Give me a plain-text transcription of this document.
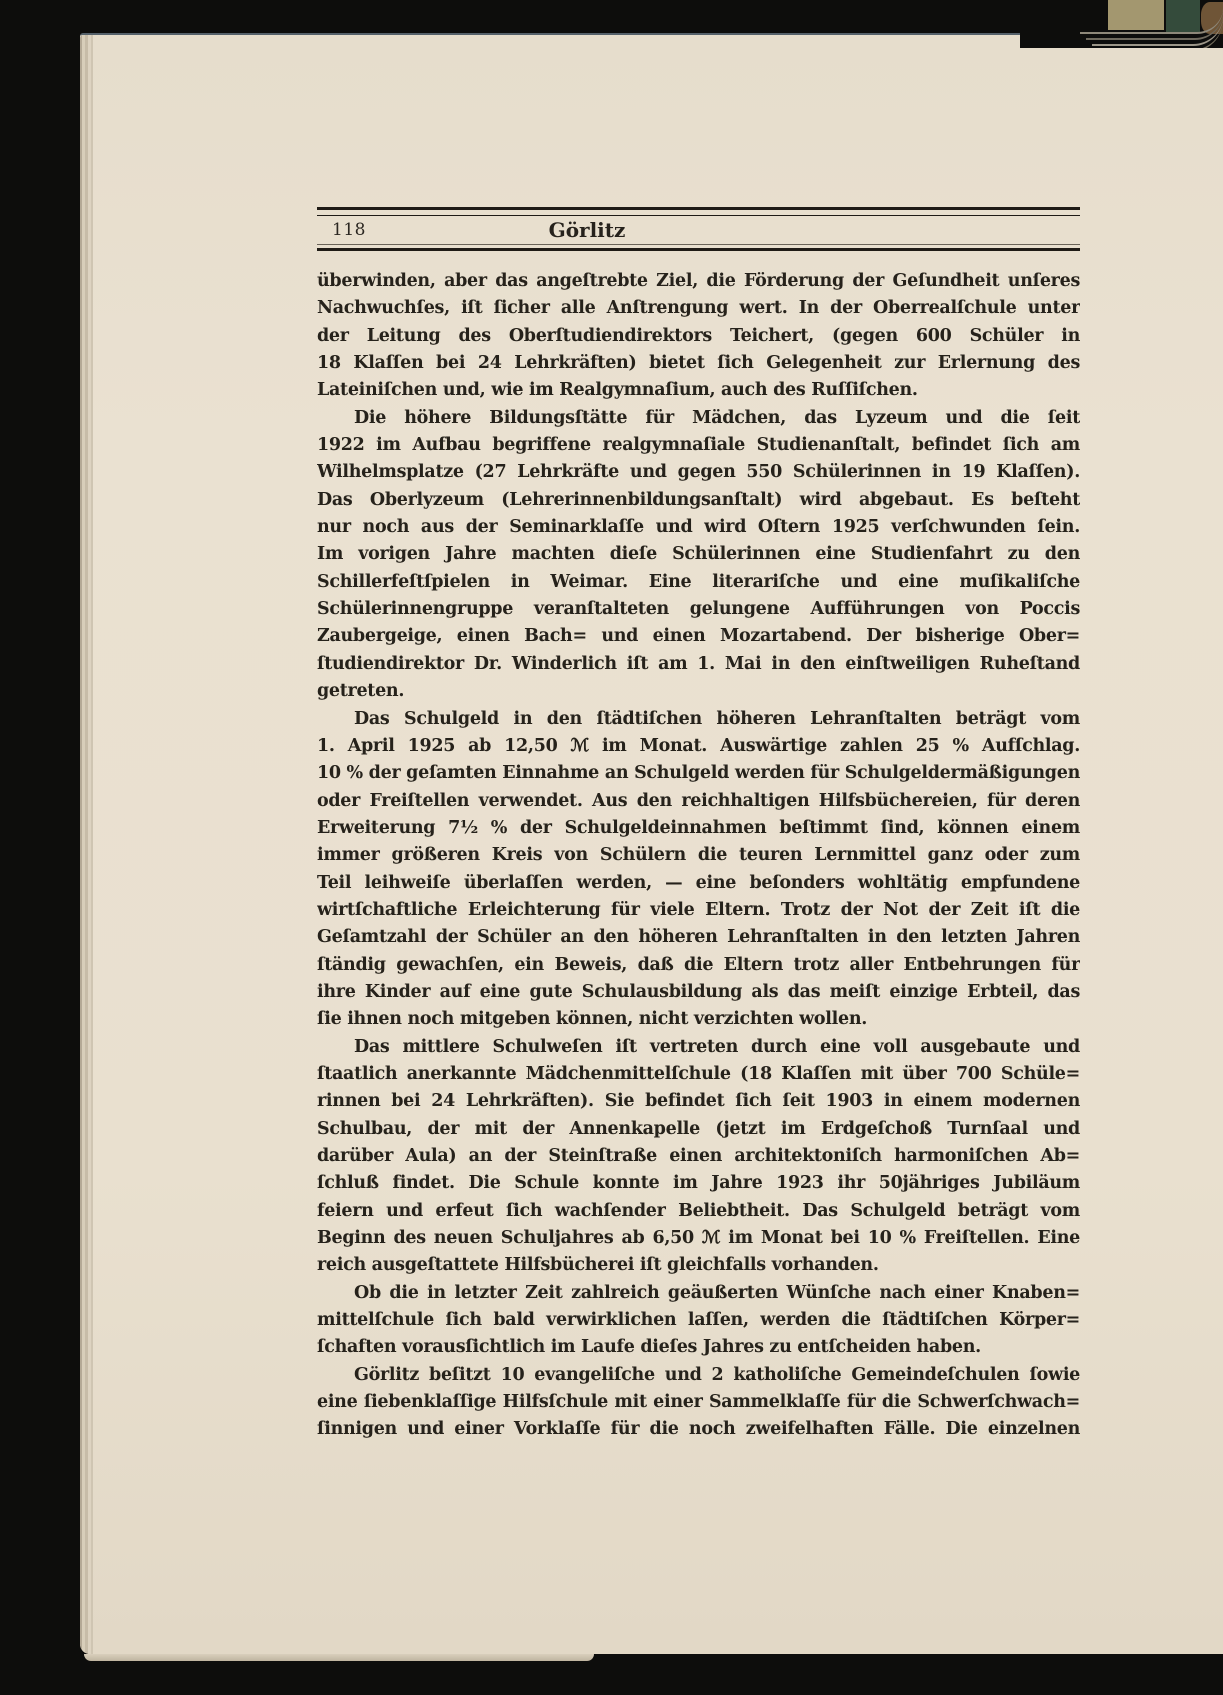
118	Görlitz
überwinden, aber das angeſtrebte Ziel, die Förderung der Geſundheit unſeres
Nachwuchſes, iſt ſicher alle Anſtrengung wert. In der Oberrealſchule unter
der Leitung des Oberſtudiendirektors Teichert, (gegen 600 Schüler in
18 Klaſſen bei 24 Lehrkräften) bietet ſich Gelegenheit zur Erlernung des
Lateiniſchen und, wie im Realgymnaſium, auch des Ruſſiſchen.
Die höhere Bildungsſtätte für Mädchen, das Lyzeum und die ſeit
1922 im Aufbau begriffene realgymnaſiale Studienanſtalt, befindet ſich am
Wilhelmsplatze (27 Lehrkräfte und gegen 550 Schülerinnen in 19 Klaſſen).
Das Oberlyzeum (Lehrerinnenbildungsanſtalt) wird abgebaut. Es beſteht
nur noch aus der Seminarklaſſe und wird Oſtern 1925 verſchwunden ſein.
Im vorigen Jahre machten dieſe Schülerinnen eine Studienfahrt zu den
Schillerfeſtſpielen in Weimar. Eine literariſche und eine muſikaliſche
Schülerinnengruppe veranſtalteten gelungene Aufführungen von Poccis
Zaubergeige, einen Bach= und einen Mozartabend. Der bisherige Ober=
ſtudiendirektor Dr. Winderlich iſt am 1. Mai in den einſtweiligen Ruheſtand
getreten.
Das Schulgeld in den ſtädtiſchen höheren Lehranſtalten beträgt vom
1. April 1925 ab 12,50 ℳ im Monat. Auswärtige zahlen 25 % Aufſchlag.
10 % der geſamten Einnahme an Schulgeld werden für Schulgeldermäßigungen
oder Freiſtellen verwendet. Aus den reichhaltigen Hilfsbüchereien, für deren
Erweiterung 7½ % der Schulgeldeinnahmen beſtimmt ſind, können einem
immer größeren Kreis von Schülern die teuren Lernmittel ganz oder zum
Teil leihweiſe überlaſſen werden, — eine beſonders wohltätig empfundene
wirtſchaftliche Erleichterung für viele Eltern. Trotz der Not der Zeit iſt die
Geſamtzahl der Schüler an den höheren Lehranſtalten in den letzten Jahren
ſtändig gewachſen, ein Beweis, daß die Eltern trotz aller Entbehrungen für
ihre Kinder auf eine gute Schulausbildung als das meiſt einzige Erbteil, das
ſie ihnen noch mitgeben können, nicht verzichten wollen.
Das mittlere Schulweſen iſt vertreten durch eine voll ausgebaute und
ſtaatlich anerkannte Mädchenmittelſchule (18 Klaſſen mit über 700 Schüle=
rinnen bei 24 Lehrkräften). Sie befindet ſich ſeit 1903 in einem modernen
Schulbau, der mit der Annenkapelle (jetzt im Erdgeſchoß Turnſaal und
darüber Aula) an der Steinſtraße einen architektoniſch harmoniſchen Ab=
ſchluß findet. Die Schule konnte im Jahre 1923 ihr 50jähriges Jubiläum
feiern und erfeut ſich wachſender Beliebtheit. Das Schulgeld beträgt vom
Beginn des neuen Schuljahres ab 6,50 ℳ im Monat bei 10 % Freiſtellen. Eine
reich ausgeſtattete Hilfsbücherei iſt gleichfalls vorhanden.
Ob die in letzter Zeit zahlreich geäußerten Wünſche nach einer Knaben=
mittelſchule ſich bald verwirklichen laſſen, werden die ſtädtiſchen Körper=
ſchaften vorausſichtlich im Laufe dieſes Jahres zu entſcheiden haben.
Görlitz beſitzt 10 evangeliſche und 2 katholiſche Gemeindeſchulen ſowie
eine ſiebenklaſſige Hilfsſchule mit einer Sammelklaſſe für die Schwerſchwach=
ſinnigen und einer Vorklaſſe für die noch zweifelhaften Fälle. Die einzelnen
